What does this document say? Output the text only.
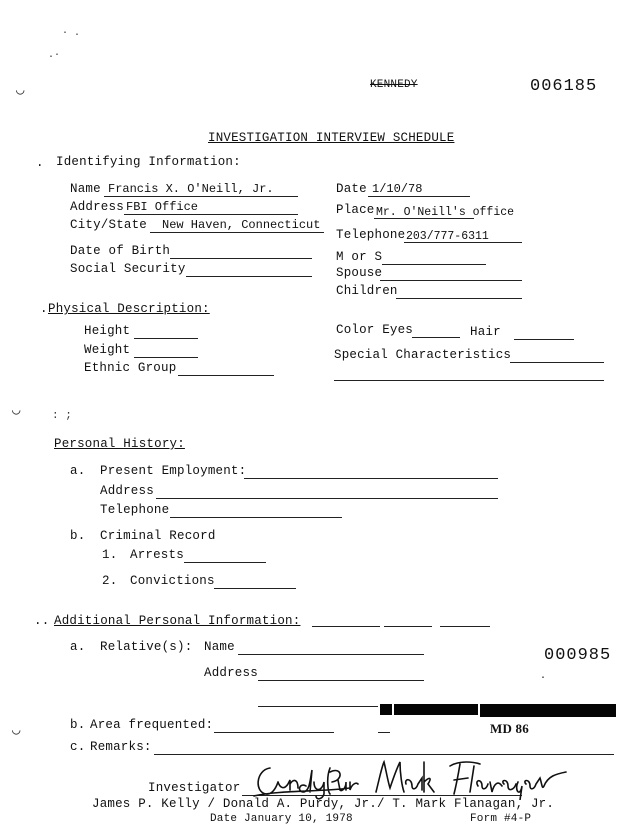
· .
.·
◡
◡	: ;
◡
KENNEDY	006185
INVESTIGATION INTERVIEW SCHEDULE
. Identifying Information:
Name Francis X. O'Neill, Jr.
Address FBI Office
City/State New Haven, Connecticut
Date of Birth
Social Security
Date 1/10/78
Place Mr. O'Neill's office
Telephone 203/777-6311
M or S
Spouse
Children
. Physical Description:
Height
Weight
Ethnic Group
Color Eyes	Hair
Special Characteristics
Personal History:
a. Present Employment:
Address
Telephone
b. Criminal Record
1. Arrests
2. Convictions
.. Additional Personal Information:
a. Relative(s): Name	000985
Address	·
b. Area frequented:	MD 86
c. Remarks:
Investigator
James P. Kelly / Donald A. Purdy, Jr./ T. Mark Flanagan, Jr.
Date January 10, 1978	Form #4-P
